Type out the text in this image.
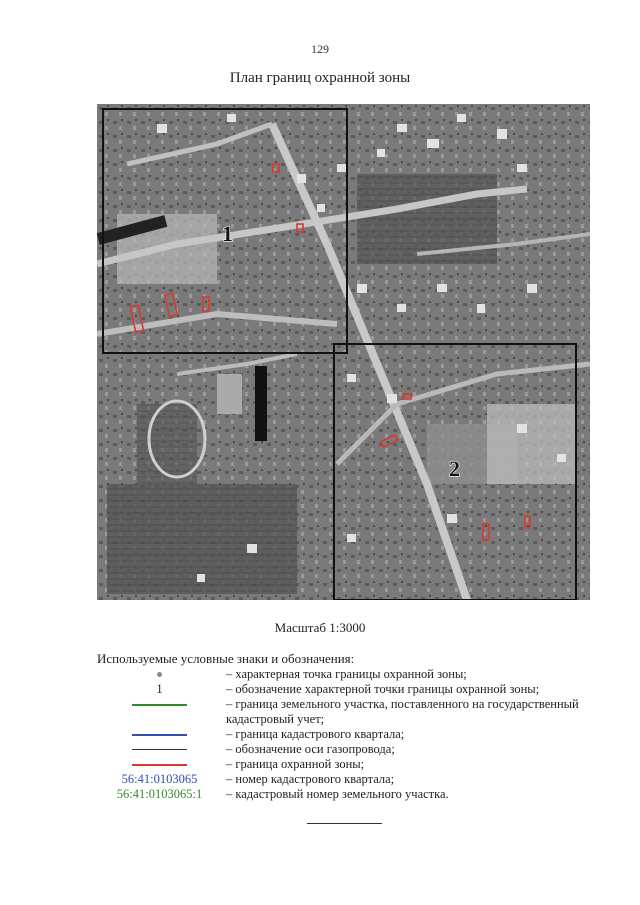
129
План границ охранной зоны
1
2
Масштаб 1:3000
Используемые условные знаки и обозначения:
– характерная точка границы охранной зоны;
1	– обозначение характерной точки границы охранной зоны;
– граница земельного участка, поставленного на государственный кадастровый учет;
– граница кадастрового квартала;
– обозначение оси газопровода;
– граница охранной зоны;
56:41:0103065	– номер кадастрового квартала;
56:41:0103065:1	– кадастровый номер земельного участка.
